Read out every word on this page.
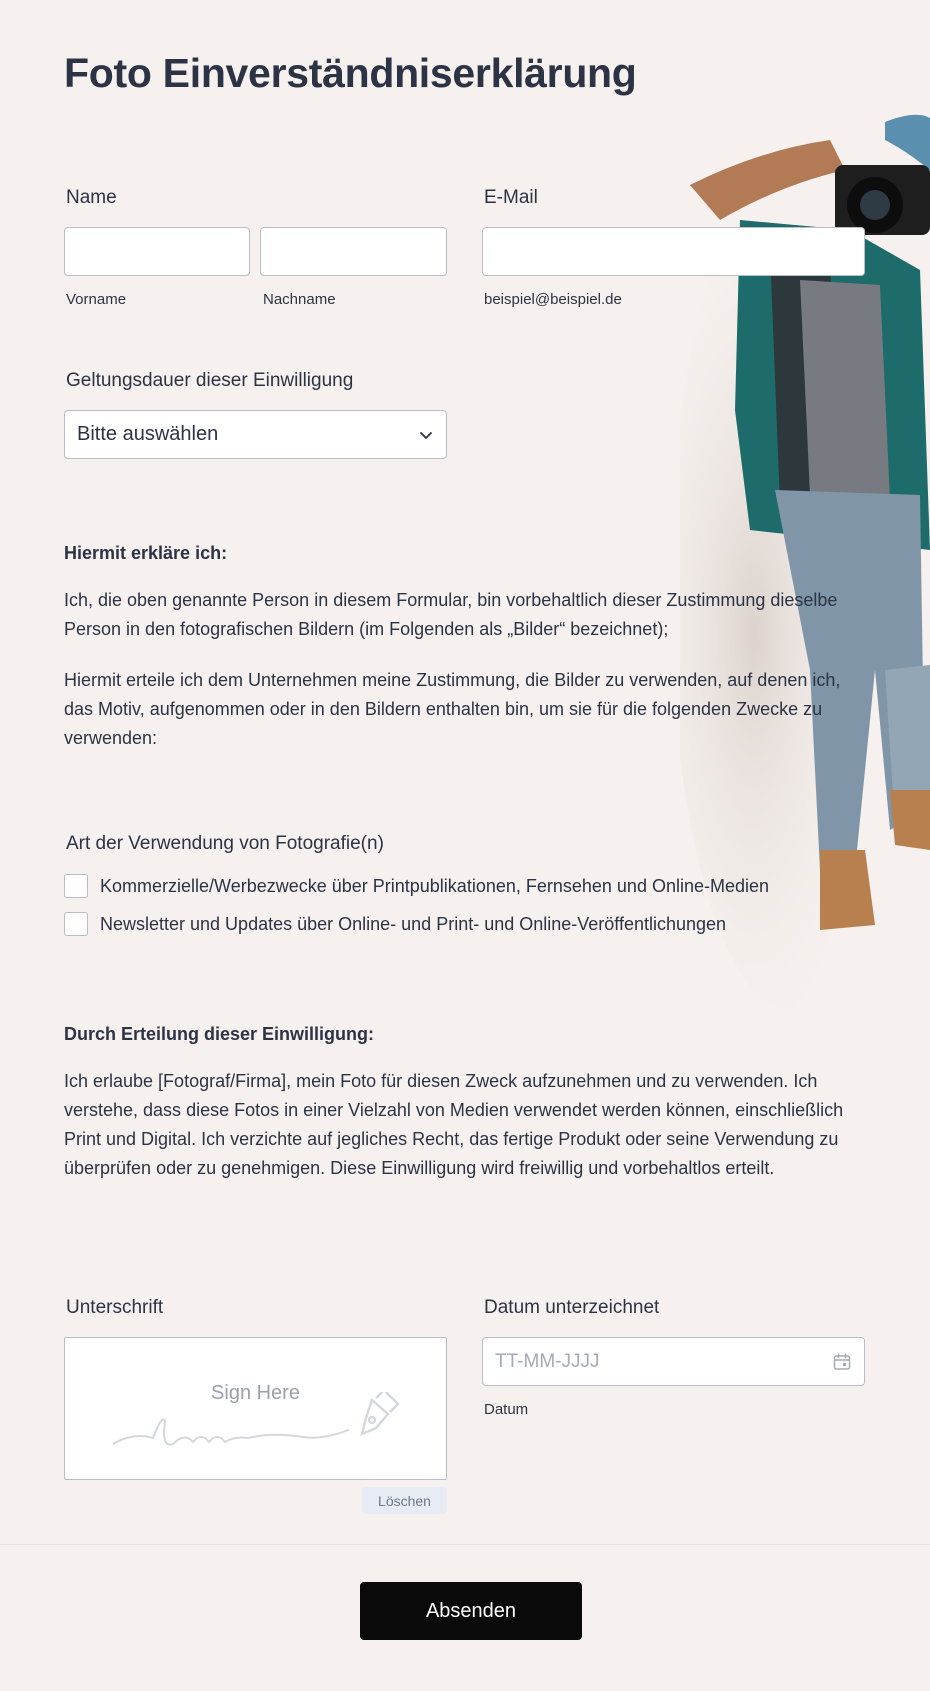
Foto Einverständniserklärung
Name
Vorname	Nachname
E-Mail
beispiel@beispiel.de
Geltungsdauer dieser Einwilligung
Bitte auswählen
Hiermit erkläre ich:

Ich, die oben genannte Person in diesem Formular, bin vorbehaltlich dieser Zustimmung dieselbe Person in den fotografischen Bildern (im Folgenden als „Bilder“ bezeichnet);

Hiermit erteile ich dem Unternehmen meine Zustimmung, die Bilder zu verwenden, auf denen ich, das Motiv, aufgenommen oder in den Bildern enthalten bin, um sie für die folgenden Zwecke zu verwenden:

Art der Verwendung von Fotografie(n)
Kommerzielle/Werbezwecke über Printpublikationen, Fernsehen und Online-Medien
Newsletter und Updates über Online- und Print- und Online-Veröffentlichungen
Durch Erteilung dieser Einwilligung:

Ich erlaube [Fotograf/Firma], mein Foto für diesen Zweck aufzunehmen und zu verwenden. Ich verstehe, dass diese Fotos in einer Vielzahl von Medien verwendet werden können, einschließlich Print und Digital. Ich verzichte auf jegliches Recht, das fertige Produkt oder seine Verwendung zu überprüfen oder zu genehmigen. Diese Einwilligung wird freiwillig und vorbehaltlos erteilt.

Unterschrift
Sign Here
Löschen
Datum unterzeichnet
TT-MM-JJJJ
Datum
Absenden
